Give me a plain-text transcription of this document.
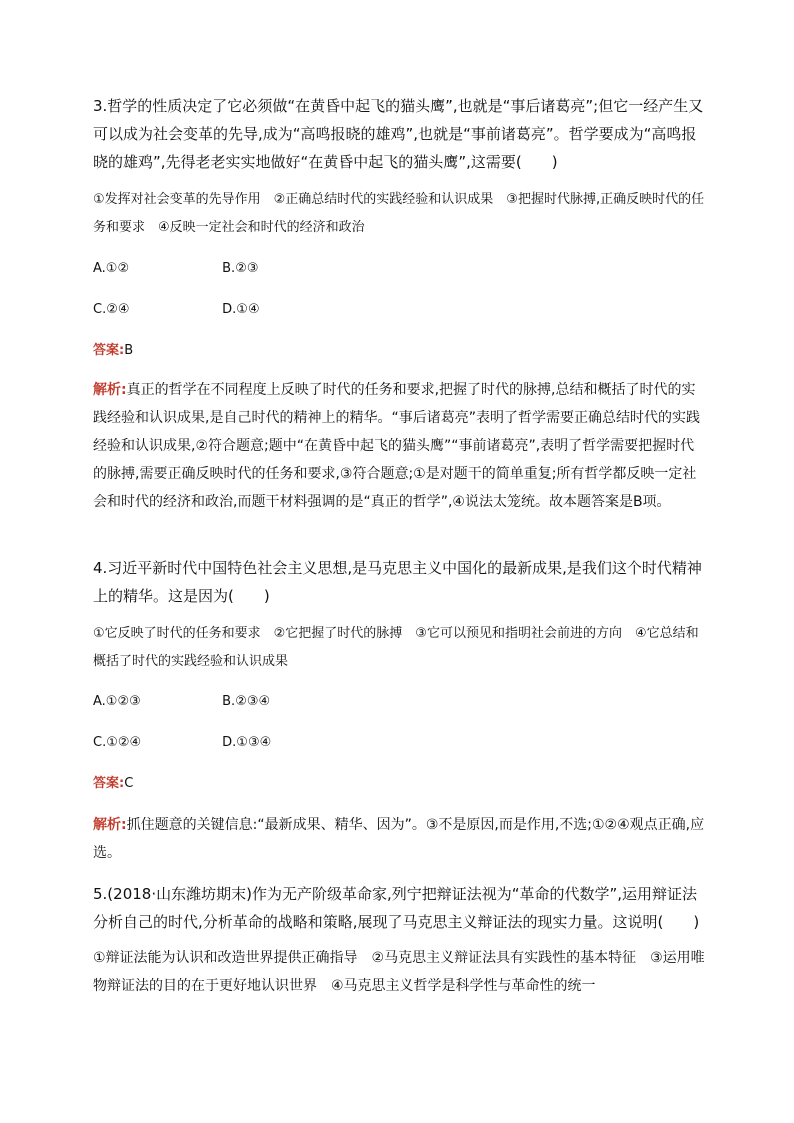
3.哲学的性质决定了它必须做“在黄昏中起飞的猫头鹰”,也就是“事后诸葛亮”;但它一经产生又可以成为社会变革的先导,成为“高鸣报晓的雄鸡”,也就是“事前诸葛亮”。哲学要成为“高鸣报晓的雄鸡”,先得老老实实地做好“在黄昏中起飞的猫头鹰”,这需要(　　)

①发挥对社会变革的先导作用　②正确总结时代的实践经验和认识成果　③把握时代脉搏,正确反映时代的任务和要求　④反映一定社会和时代的经济和政治

A.①②	B.②③
C.②④	D.①④
答案:B

解析:真正的哲学在不同程度上反映了时代的任务和要求,把握了时代的脉搏,总结和概括了时代的实践经验和认识成果,是自己时代的精神上的精华。“事后诸葛亮”表明了哲学需要正确总结时代的实践经验和认识成果,②符合题意;题中“在黄昏中起飞的猫头鹰”“事前诸葛亮”,表明了哲学需要把握时代的脉搏,需要正确反映时代的任务和要求,③符合题意;①是对题干的简单重复;所有哲学都反映一定社会和时代的经济和政治,而题干材料强调的是“真正的哲学”,④说法太笼统。故本题答案是B项。

4.习近平新时代中国特色社会主义思想,是马克思主义中国化的最新成果,是我们这个时代精神上的精华。这是因为(　　)

①它反映了时代的任务和要求　②它把握了时代的脉搏　③它可以预见和指明社会前进的方向　④它总结和概括了时代的实践经验和认识成果

A.①②③	B.②③④
C.①②④	D.①③④
答案:C

解析:抓住题意的关键信息:“最新成果、精华、因为”。③不是原因,而是作用,不选;①②④观点正确,应选。

5.(2018·山东潍坊期末)作为无产阶级革命家,列宁把辩证法视为“革命的代数学”,运用辩证法分析自己的时代,分析革命的战略和策略,展现了马克思主义辩证法的现实力量。这说明(　　)

①辩证法能为认识和改造世界提供正确指导　②马克思主义辩证法具有实践性的基本特征　③运用唯物辩证法的目的在于更好地认识世界　④马克思主义哲学是科学性与革命性的统一
